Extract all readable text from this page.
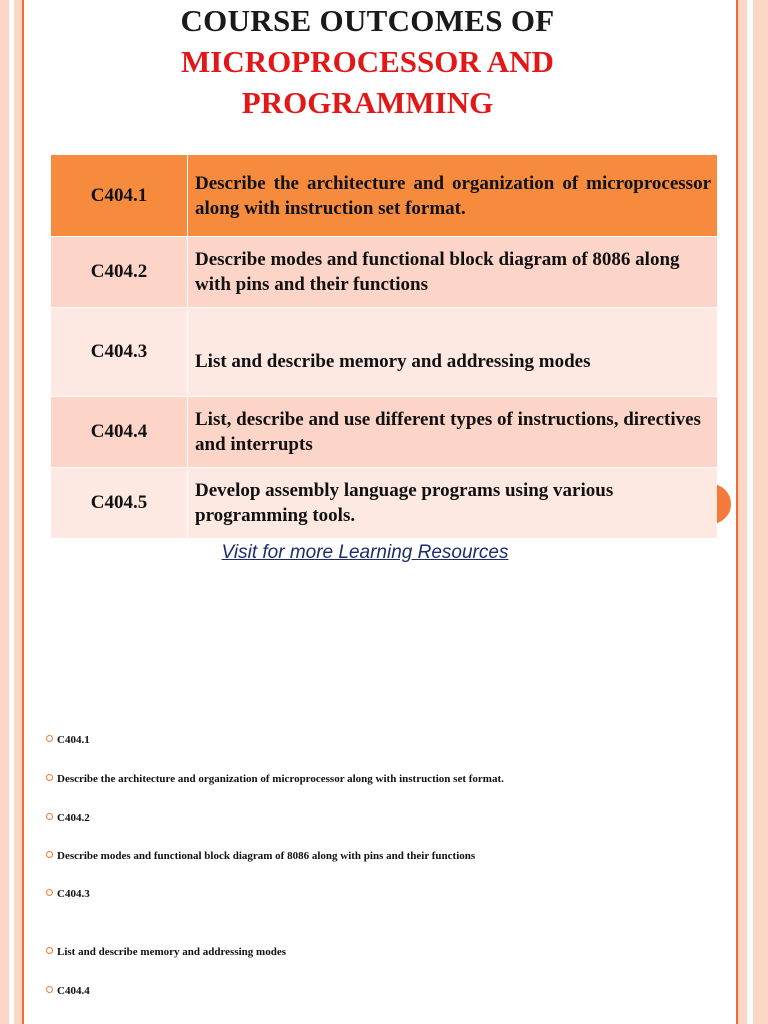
COURSE OUTCOMES OF
MICROPROCESSOR AND
PROGRAMMING
C404.1	Describe the architecture and organization of microprocessor along with instruction set format.
C404.2	Describe modes and functional block diagram of 8086 along with pins and their functions
C404.3	List and describe memory and addressing modes
C404.4	List, describe and use different types of instructions, directives and interrupts
C404.5	Develop assembly language programs using various programming tools.
Visit for more Learning Resources
C404.1
Describe the architecture and organization of microprocessor along with instruction set format.
C404.2
Describe modes and functional block diagram of 8086 along with pins and their functions
C404.3
List and describe memory and addressing modes
C404.4
